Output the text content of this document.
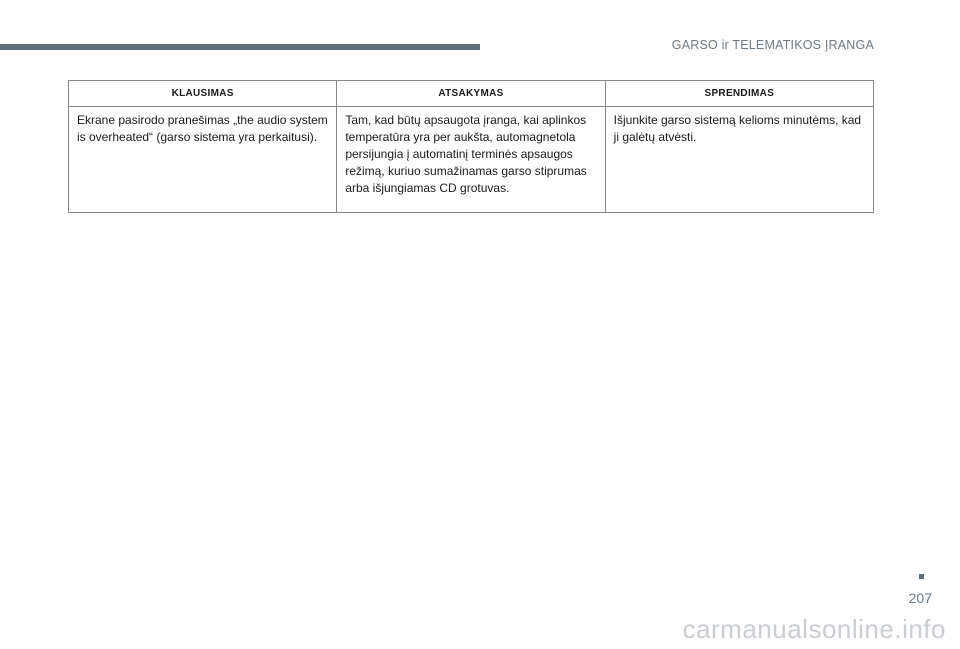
GARSO ir TELEMATIKOS ĮRANGA
KLAUSIMAS	ATSAKYMAS	SPRENDIMAS
Ekrane pasirodo pranešimas „the audio system is overheated“ (garso sistema yra perkaitusi).	Tam, kad būtų apsaugota įranga, kai aplinkos temperatūra yra per aukšta, automagnetola persijungia į automatinį terminės apsaugos režimą, kuriuo sumažinamas garso stiprumas arba išjungiamas CD grotuvas.	Išjunkite garso sistemą kelioms minutėms, kad ji galėtų atvėsti.
207
carmanualsonline.info
